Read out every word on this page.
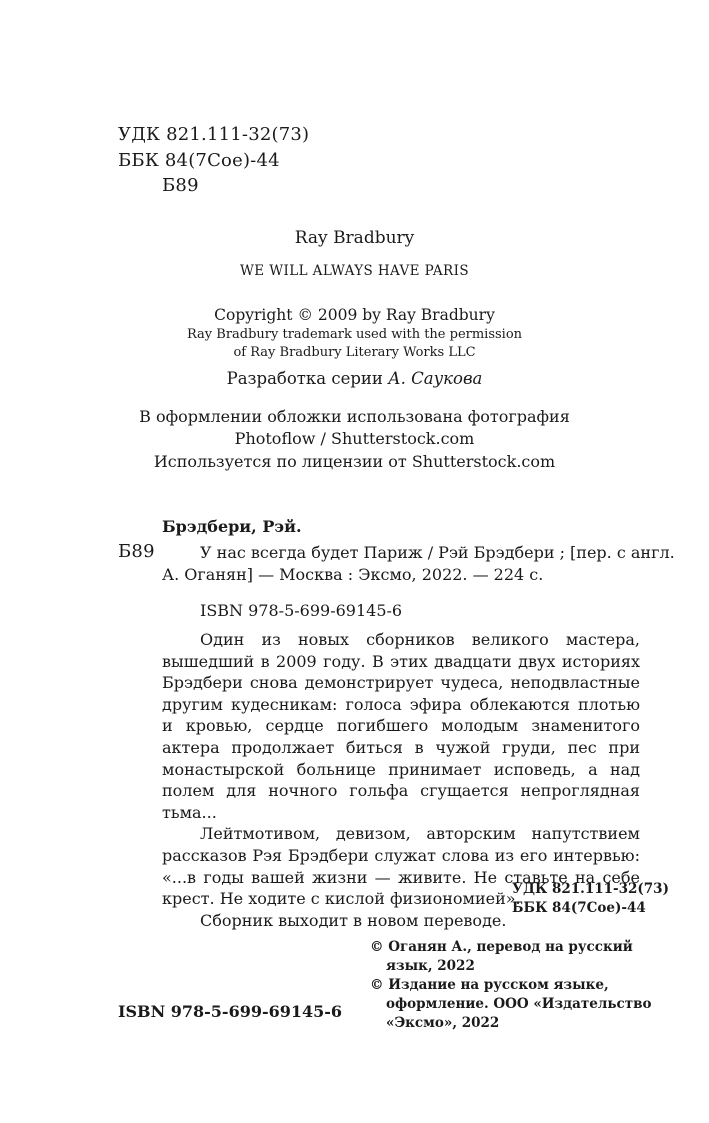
УДК 821.111-32(73)
ББК 84(7Сое)-44
Б89
Ray Bradbury
WE WILL ALWAYS HAVE PARIS
Copyright © 2009 by Ray Bradbury
Ray Bradbury trademark used with the permission
of Ray Bradbury Literary Works LLC
Разработка серии А. Саукова
В оформлении обложки использована фотография
Photoflow / Shutterstock.com
Используется по лицензии от Shutterstock.com
Брэдбери, Рэй.
Б89	У нас всегда будет Париж / Рэй Брэдбери ; [пер. с англ.
А. Оганян] — Москва : Эксмо, 2022. — 224 с.
ISBN 978-5-699-69145-6

Один из новых сборников великого мастера, вышедший в 2009 году. В этих двадцати двух историях Брэдбери снова демонстрирует чудеса, неподвластные другим кудесникам: голоса эфира облекаются плотью и кровью, сердце погибшего молодым знаменитого актера продолжает биться в чужой груди, пес при монастырской больнице принимает исповедь, а над полем для ночного гольфа сгущается непроглядная тьма...

Лейтмотивом, девизом, авторским напутствием рассказов Рэя Брэдбери служат слова из его интервью: «...в годы вашей жизни — живите. Не ставьте на себе крест. Не ходите с кислой физиономией».

Сборник выходит в новом переводе.

УДК 821.111-32(73)
ББК 84(7Сое)-44
© Оганян А., перевод на русский
язык, 2022
© Издание на русском языке,
оформление. ООО «Издательство
«Эксмо», 2022
ISBN 978-5-699-69145-6
